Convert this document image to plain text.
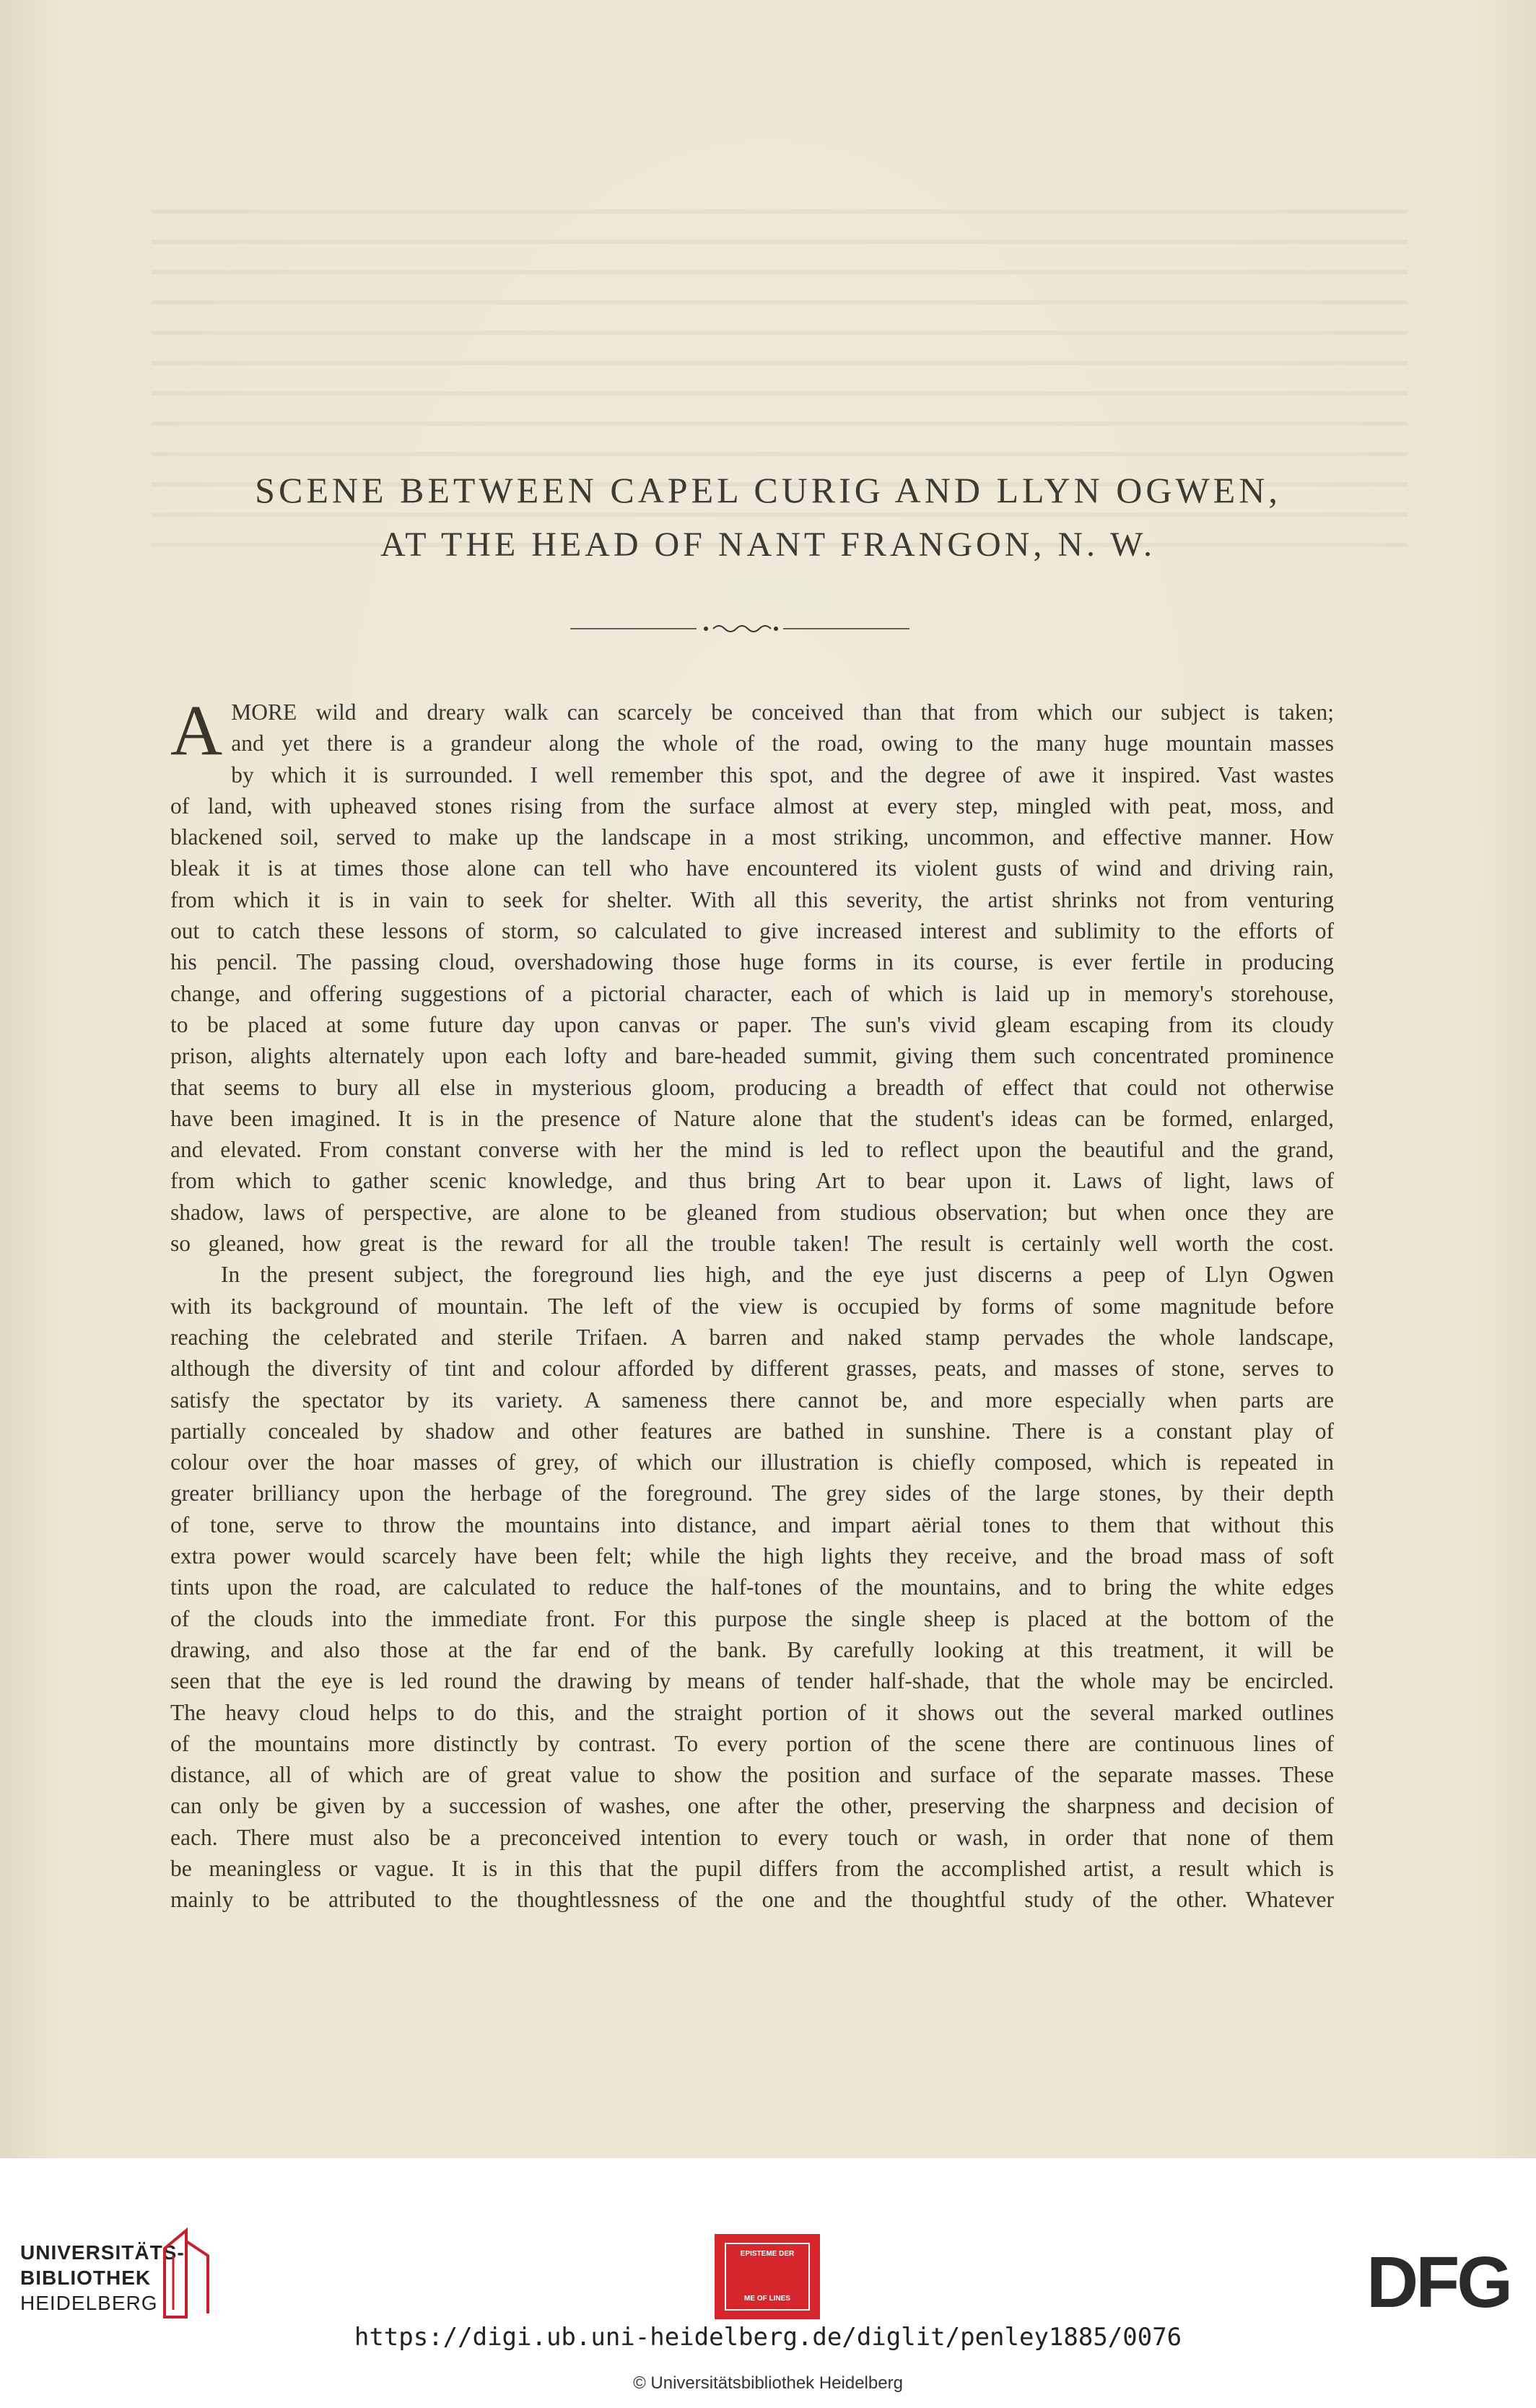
SCENE BETWEEN CAPEL CURIG AND LLYN OGWEN,
AT THE HEAD OF NANT FRANGON, N. W.
A MORE wild and dreary walk can scarcely be conceived than that from which our subject is taken;
and yet there is a grandeur along the whole of the road, owing to the many huge mountain masses
by which it is surrounded. I well remember this spot, and the degree of awe it inspired. Vast wastes
of land, with upheaved stones rising from the surface almost at every step, mingled with peat, moss, and
blackened soil, served to make up the landscape in a most striking, uncommon, and effective manner. How
bleak it is at times those alone can tell who have encountered its violent gusts of wind and driving rain,
from which it is in vain to seek for shelter. With all this severity, the artist shrinks not from venturing
out to catch these lessons of storm, so calculated to give increased interest and sublimity to the efforts of
his pencil. The passing cloud, overshadowing those huge forms in its course, is ever fertile in producing
change, and offering suggestions of a pictorial character, each of which is laid up in memory's storehouse,
to be placed at some future day upon canvas or paper. The sun's vivid gleam escaping from its cloudy
prison, alights alternately upon each lofty and bare-headed summit, giving them such concentrated prominence
that seems to bury all else in mysterious gloom, producing a breadth of effect that could not otherwise
have been imagined. It is in the presence of Nature alone that the student's ideas can be formed, enlarged,
and elevated. From constant converse with her the mind is led to reflect upon the beautiful and the grand,
from which to gather scenic knowledge, and thus bring Art to bear upon it. Laws of light, laws of
shadow, laws of perspective, are alone to be gleaned from studious observation; but when once they are
so gleaned, how great is the reward for all the trouble taken! The result is certainly well worth the cost.
In the present subject, the foreground lies high, and the eye just discerns a peep of Llyn Ogwen
with its background of mountain. The left of the view is occupied by forms of some magnitude before
reaching the celebrated and sterile Trifaen. A barren and naked stamp pervades the whole landscape,
although the diversity of tint and colour afforded by different grasses, peats, and masses of stone, serves to
satisfy the spectator by its variety. A sameness there cannot be, and more especially when parts are
partially concealed by shadow and other features are bathed in sunshine. There is a constant play of
colour over the hoar masses of grey, of which our illustration is chiefly composed, which is repeated in
greater brilliancy upon the herbage of the foreground. The grey sides of the large stones, by their depth
of tone, serve to throw the mountains into distance, and impart aërial tones to them that without this
extra power would scarcely have been felt; while the high lights they receive, and the broad mass of soft
tints upon the road, are calculated to reduce the half-tones of the mountains, and to bring the white edges
of the clouds into the immediate front. For this purpose the single sheep is placed at the bottom of the
drawing, and also those at the far end of the bank. By carefully looking at this treatment, it will be
seen that the eye is led round the drawing by means of tender half-shade, that the whole may be encircled.
The heavy cloud helps to do this, and the straight portion of it shows out the several marked outlines
of the mountains more distinctly by contrast. To every portion of the scene there are continuous lines of
distance, all of which are of great value to show the position and surface of the separate masses. These
can only be given by a succession of washes, one after the other, preserving the sharpness and decision of
each. There must also be a preconceived intention to every touch or wash, in order that none of them
be meaningless or vague. It is in this that the pupil differs from the accomplished artist, a result which is
mainly to be attributed to the thoughtlessness of the one and the thoughtful study of the other. Whatever
UNIVERSITÄTS-
BIBLIOTHEK
HEIDELBERG
EPISTEME DER
ME OF LINES	DFG
https://digi.ub.uni-heidelberg.de/diglit/penley1885/0076
© Universitätsbibliothek Heidelberg
